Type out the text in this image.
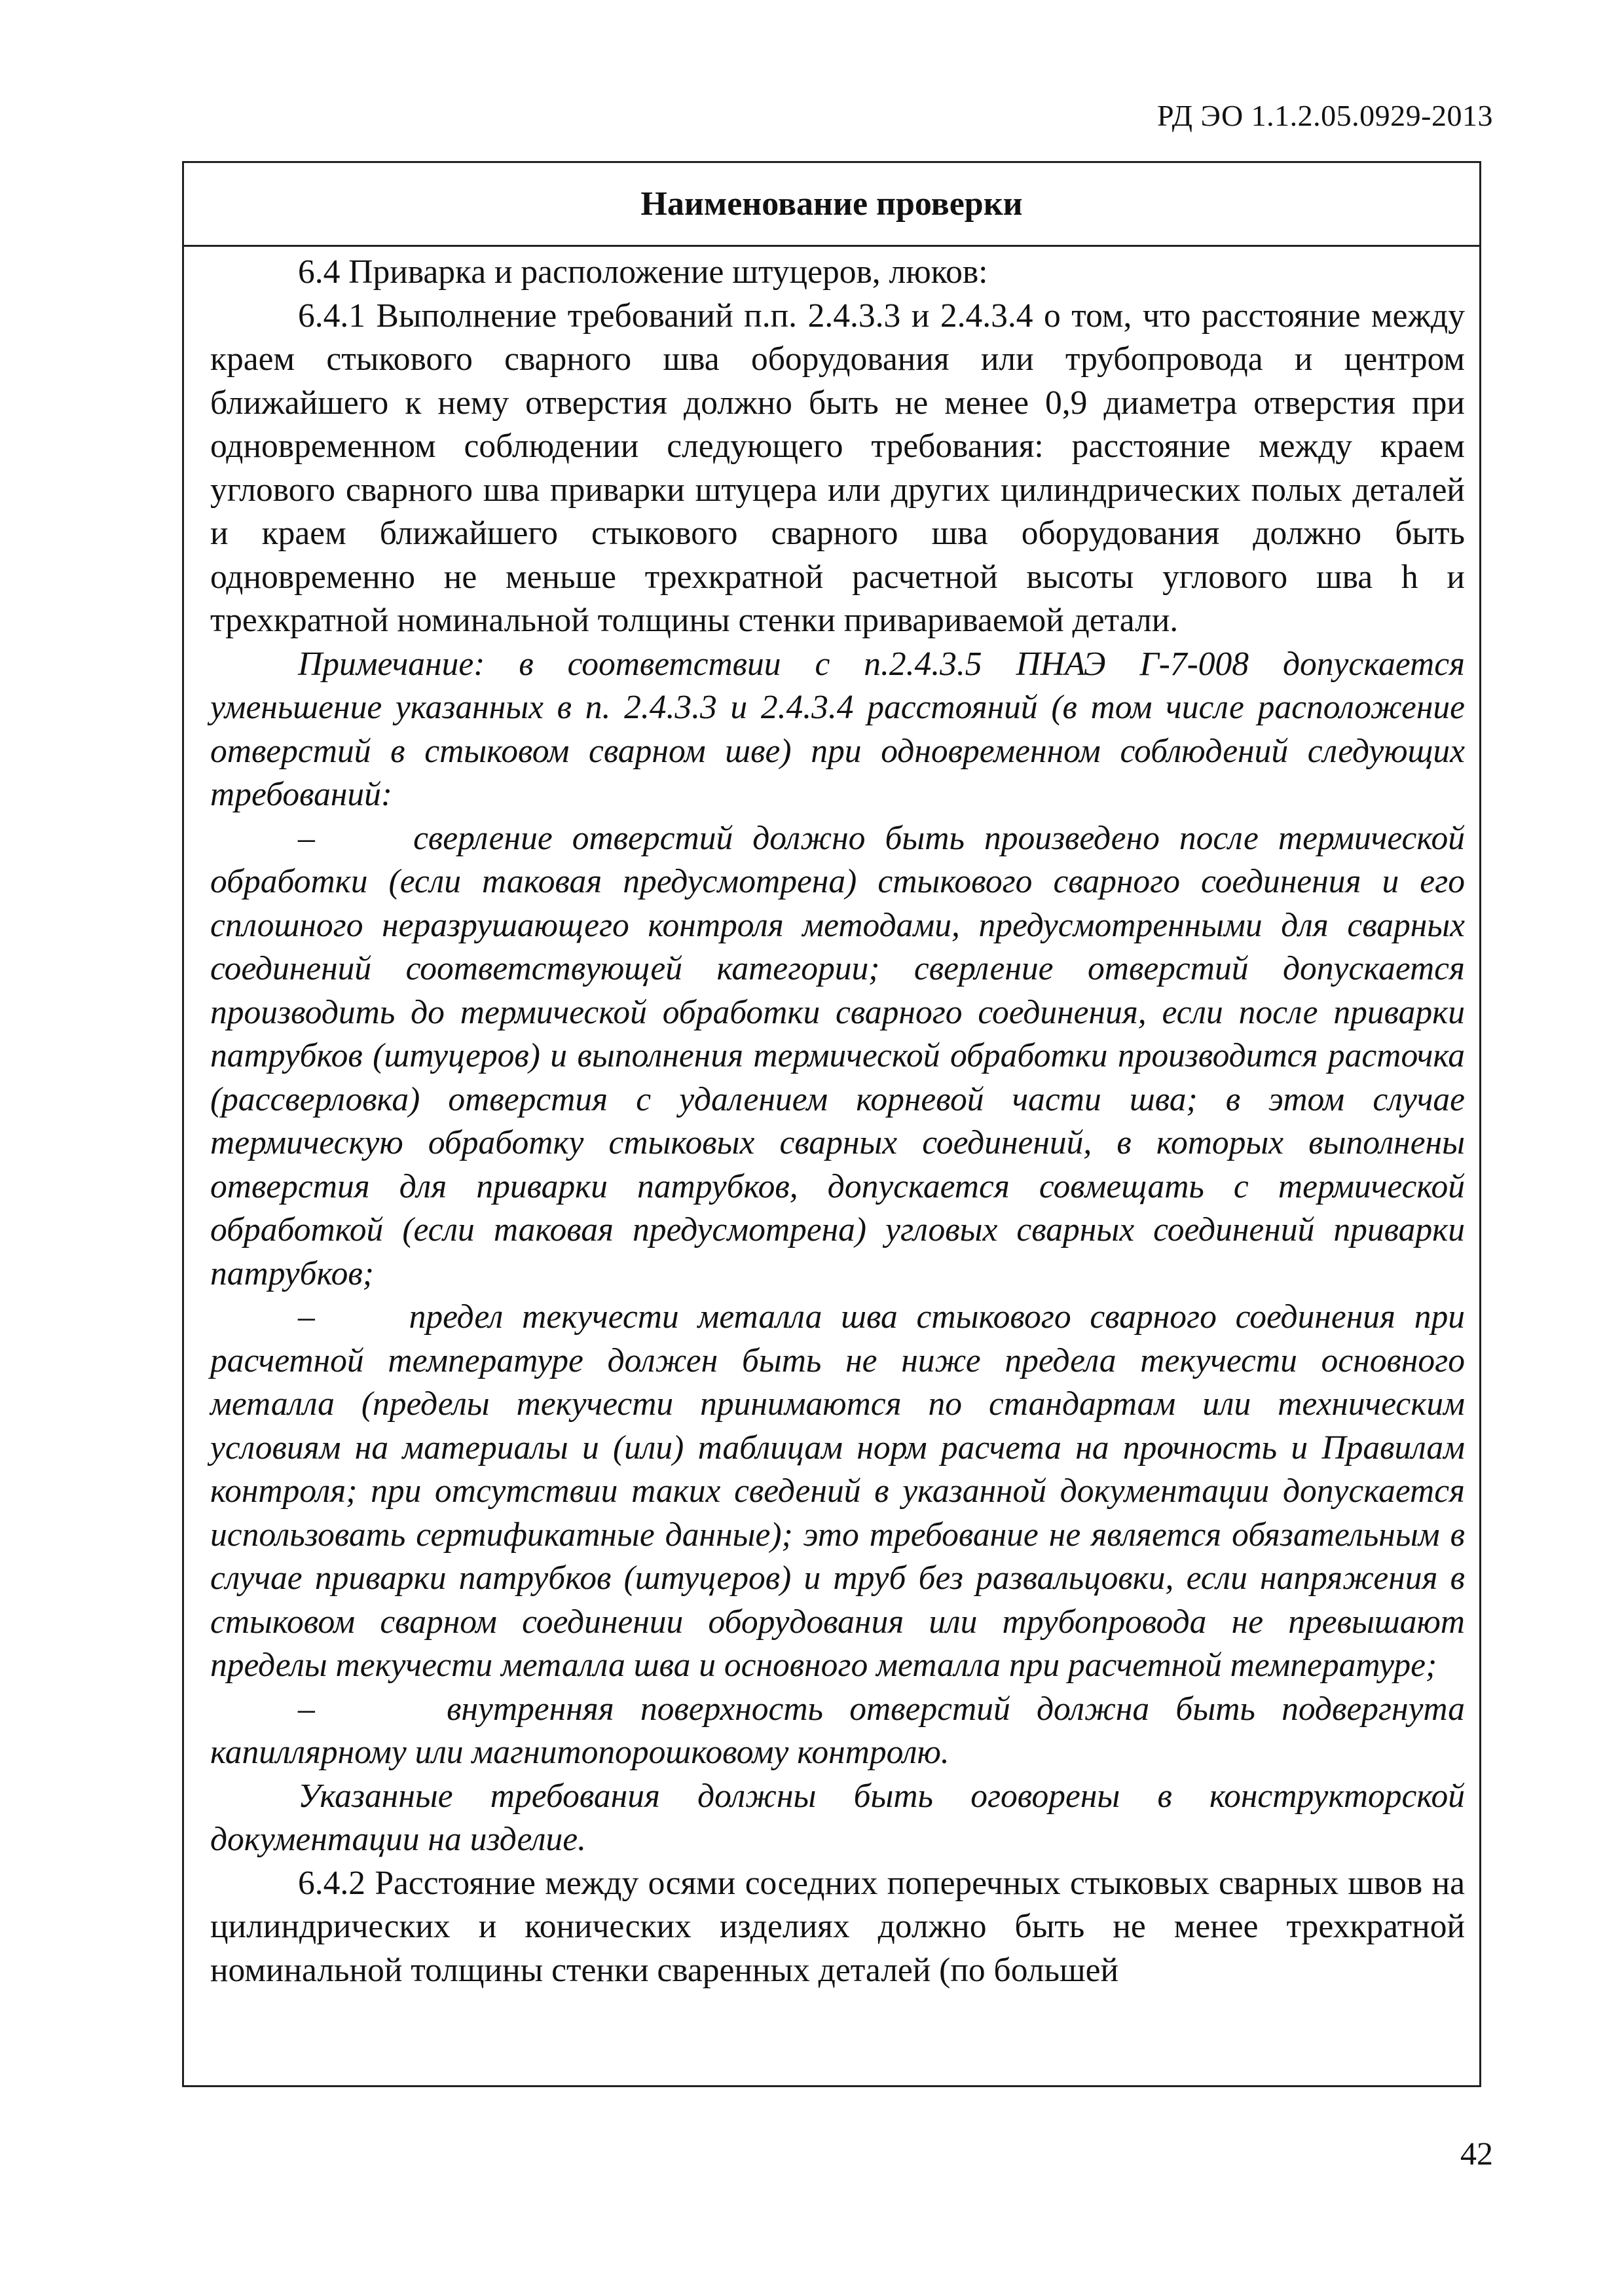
РД ЭО 1.1.2.05.0929-2013
Наименование проверки

6.4 Приварка и расположение штуцеров, люков:

6.4.1 Выполнение требований п.п. 2.4.3.3 и 2.4.3.4 о том, что расстояние между краем стыкового сварного шва оборудования или трубопровода и центром ближайшего к нему отверстия должно быть не менее 0,9 диаметра отверстия при одновременном соблюдении следующего требования: расстояние между краем углового сварного шва приварки штуцера или других цилиндрических полых деталей и краем ближайшего стыкового сварного шва оборудования должно быть одновременно не меньше трехкратной расчетной высоты углового шва h и трехкратной номинальной толщины стенки привариваемой детали.

Примечание: в соответствии с п.2.4.3.5 ПНАЭ Г-7-008 допускается уменьшение указанных в п. 2.4.3.3 и 2.4.3.4 расстояний (в том числе расположение отверстий в стыковом сварном шве) при одновременном соблюдений следующих требований:

–     сверление отверстий должно быть произведено после термической обработки (если таковая предусмотрена) стыкового сварного соединения и его сплошного неразрушающего контроля методами, предусмотренными для сварных соединений соответствующей категории; сверление отверстий допускается производить до термической обработки сварного соединения, если после приварки патрубков (штуцеров) и выполнения термической обработки производится расточка (рассверловка) отверстия с удалением корневой части шва; в этом случае термическую обработку стыковых сварных соединений, в которых выполнены отверстия для приварки патрубков, допускается совмещать с термической обработкой (если таковая предусмотрена) угловых сварных соединений приварки патрубков;

–     предел текучести металла шва стыкового сварного соединения при расчетной температуре должен быть не ниже предела текучести основного металла (пределы текучести принимаются по стандартам или техническим условиям на материалы и (или) таблицам норм расчета на прочность и Правилам контроля; при отсутствии таких сведений в указанной документации допускается использовать сертификатные данные); это требование не является обязательным в случае приварки патрубков (штуцеров) и труб без развальцовки, если напряжения в стыковом сварном соединении оборудования или трубопровода не превышают пределы текучести металла шва и основного металла при расчетной температуре;

–     внутренняя поверхность отверстий должна быть подвергнута капиллярному или магнитопорошковому контролю.

Указанные требования должны быть оговорены в конструкторской документации на изделие.

6.4.2 Расстояние между осями соседних поперечных стыковых сварных швов на цилиндрических и конических изделиях должно быть не менее трехкратной номинальной толщины стенки сваренных деталей (по большей

42
